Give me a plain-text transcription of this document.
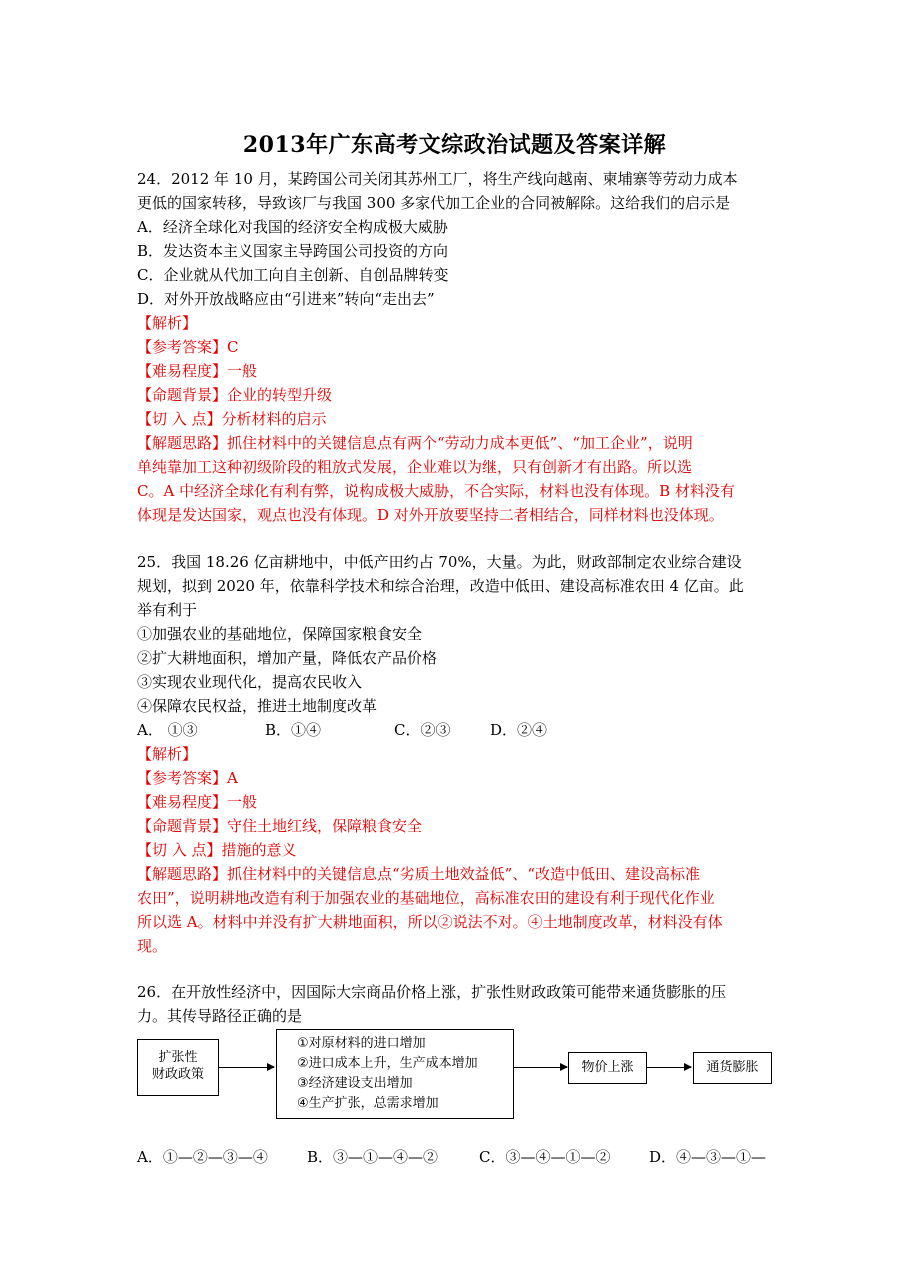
2013年广东高考文综政治试题及答案详解
24．2012 年 10 月，某跨国公司关闭其苏州工厂，将生产线向越南、柬埔寨等劳动力成本
更低的国家转移，导致该厂与我国 300 多家代加工企业的合同被解除。这给我们的启示是
A．经济全球化对我国的经济安全构成极大威胁
B．发达资本主义国家主导跨国公司投资的方向
C．企业就从代加工向自主创新、自创品牌转变
D．对外开放战略应由“引进来”转向“走出去”
【解析】
【参考答案】C
【难易程度】一般
【命题背景】企业的转型升级
【切 入 点】分析材料的启示
【解题思路】抓住材料中的关键信息点有两个“劳动力成本更低”、“加工企业”，说明
单纯靠加工这种初级阶段的粗放式发展，企业难以为继，只有创新才有出路。所以选
C。A 中经济全球化有利有弊，说构成极大威胁，不合实际，材料也没有体现。B 材料没有
体现是发达国家，观点也没有体现。D 对外开放要坚持二者相结合，同样材料也没体现。
25．我国 18.26 亿亩耕地中，中低产田约占 70%，大量。为此，财政部制定农业综合建设
规划，拟到 2020 年，依靠科学技术和综合治理，改造中低田、建设高标准农田 4 亿亩。此
举有利于
①加强农业的基础地位，保障国家粮食安全
②扩大耕地面积，增加产量，降低农产品价格
③实现农业现代化，提高农民收入
④保障农民权益，推进土地制度改革
A． ①③	B．①④	C．②③	D．②④
【解析】
【参考答案】A
【难易程度】一般
【命题背景】守住土地红线，保障粮食安全
【切 入 点】措施的意义
【解题思路】抓住材料中的关键信息点“劣质土地效益低”、“改造中低田、建设高标准
农田”，说明耕地改造有利于加强农业的基础地位，高标准农田的建设有利于现代化作业
所以选 A。材料中并没有扩大耕地面积，所以②说法不对。④土地制度改革，材料没有体
现。
26．在开放性经济中，因国际大宗商品价格上涨，扩张性财政政策可能带来通货膨胀的压
力。其传导路径正确的是
扩张性
财政政策
①对原材料的进口增加
②进口成本上升，生产成本增加
③经济建设支出增加
④生产扩张，总需求增加
物价上涨	通货膨胀
A．①—②—③—④	B．③—①—④—②	C．③—④—①—②	D．④—③—①—
